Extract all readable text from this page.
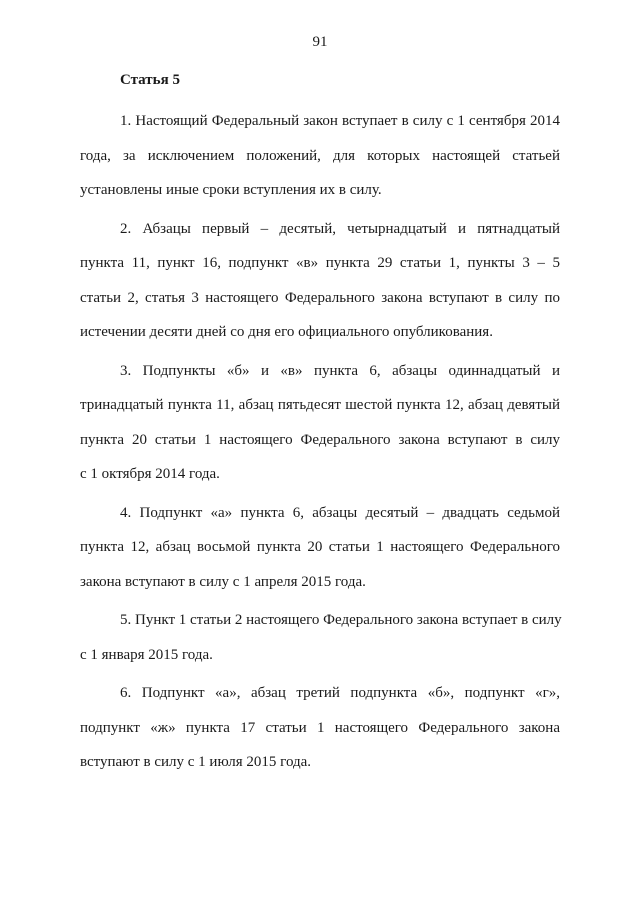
91
Статья 5
1. Настоящий Федеральный закон вступает в силу с 1 сентября 2014
года, за исключением положений, для которых настоящей статьей
установлены иные сроки вступления их в силу.
2. Абзацы первый – десятый, четырнадцатый и пятнадцатый
пункта 11, пункт 16, подпункт «в» пункта 29 статьи 1, пункты 3 – 5
статьи 2, статья 3 настоящего Федерального закона вступают в силу по
истечении десяти дней со дня его официального опубликования.
3. Подпункты «б» и «в» пункта 6, абзацы одиннадцатый и
тринадцатый пункта 11, абзац пятьдесят шестой пункта 12, абзац девятый
пункта 20 статьи 1 настоящего Федерального закона вступают в силу
с 1 октября 2014 года.
4. Подпункт «а» пункта 6, абзацы десятый – двадцать седьмой
пункта 12, абзац восьмой пункта 20 статьи 1 настоящего Федерального
закона вступают в силу с 1 апреля 2015 года.
5. Пункт 1 статьи 2 настоящего Федерального закона вступает в силу
с 1 января 2015 года.
6. Подпункт «а», абзац третий подпункта «б», подпункт «г»,
подпункт «ж» пункта 17 статьи 1 настоящего Федерального закона
вступают в силу с 1 июля 2015 года.
